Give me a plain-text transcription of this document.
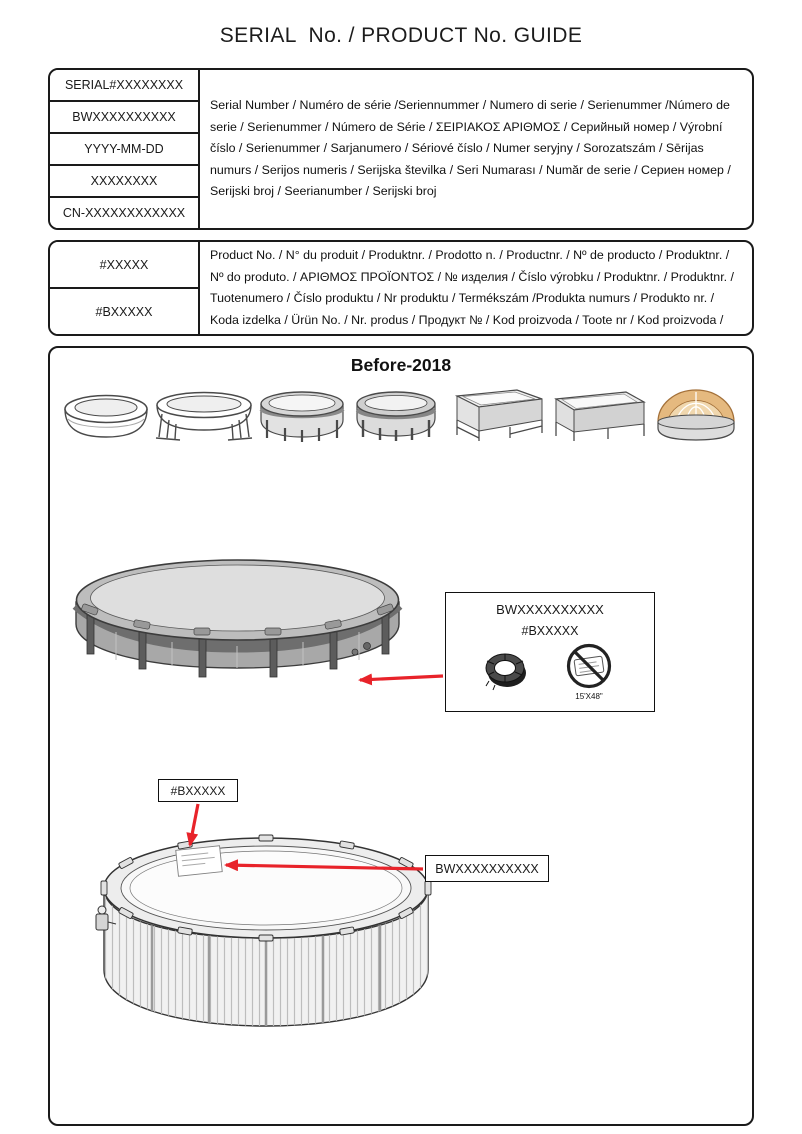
SERIAL  No. / PRODUCT No. GUIDE
SERIAL#XXXXXXXX
BWXXXXXXXXXX
YYYY-MM-DD
XXXXXXXX
CN-XXXXXXXXXXXX

Serial Number / Numéro de série /Seriennummer / Numero di serie / Serienummer /Número de serie / Serienummer / Número de Série / ΣΕΙΡΙΑΚΟΣ ΑΡΙΘΜΟΣ / Серийный номер / Výrobní číslo / Serienummer / Sarjanumero / Sériové číslo / Numer seryjny / Sorozatszám / Sērijas numurs / Serijos numeris / Serijska številka / Seri Numarası / Număr de serie / Сериен номер / Serijski broj / Seerianumber / Serijski broj

#XXXXX
#BXXXXX

Product No. / N° du produit / Produktnr. / Prodotto n. / Productnr. / Nº de producto / Produktnr. / Nº do produto. / ΑΡΙΘΜΟΣ ΠΡΟΪΟΝΤΟΣ / № изделия / Číslo výrobku / Produktnr. / Produktnr. / Tuotenumero / Číslo produktu / Nr produktu / Termékszám /Produkta numurs / Produkto nr. / Koda izdelka / Ürün No. / Nr. produs / Продукт № / Kod proizvoda / Toote nr / Kod proizvoda /

Before-2018
BWXXXXXXXXXX
#BXXXXX
15'X48"
#BXXXXX
BWXXXXXXXXXX
